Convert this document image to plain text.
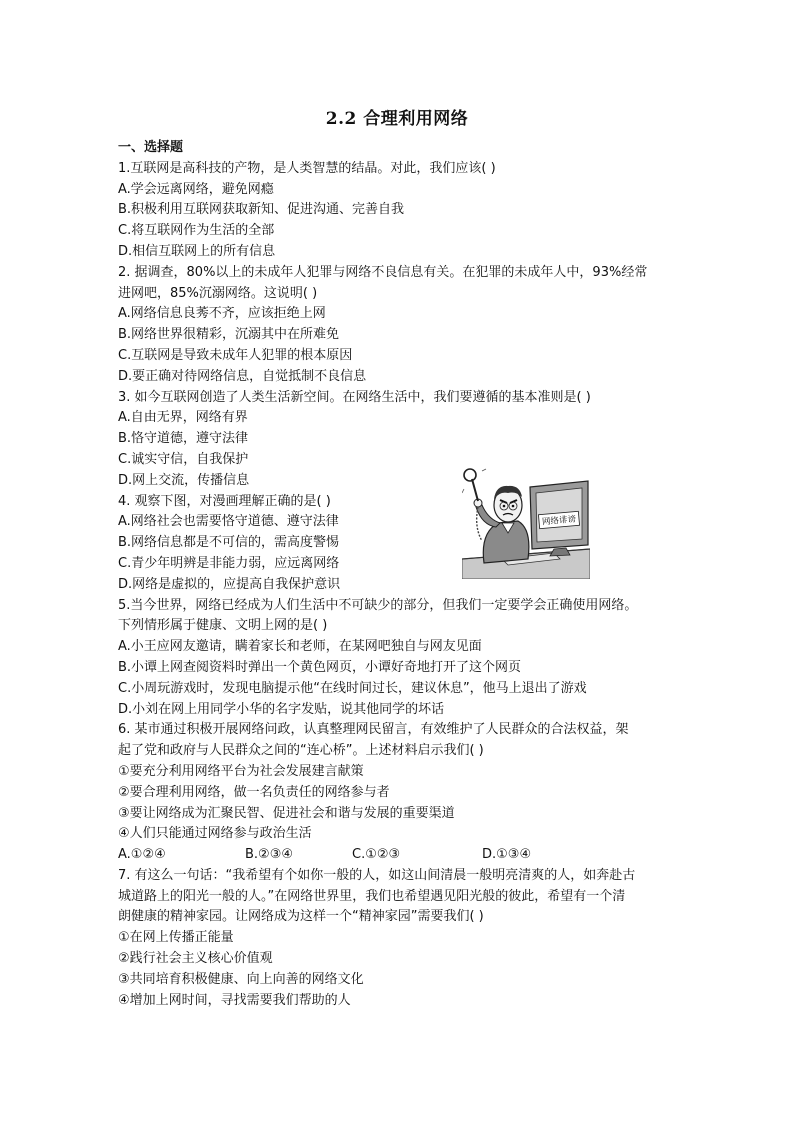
2.2 合理利用网络
一、选择题
1.互联网是高科技的产物，是人类智慧的结晶。对此，我们应该( )
A.学会远离网络，避免网瘾
B.积极利用互联网获取新知、促进沟通、完善自我
C.将互联网作为生活的全部
D.相信互联网上的所有信息
2. 据调查，80%以上的未成年人犯罪与网络不良信息有关。在犯罪的未成年人中，93%经常
进网吧，85%沉溺网络。这说明( )
A.网络信息良莠不齐，应该拒绝上网
B.网络世界很精彩，沉溺其中在所难免
C.互联网是导致未成年人犯罪的根本原因
D.要正确对待网络信息，自觉抵制不良信息
3. 如今互联网创造了人类生活新空间。在网络生活中，我们要遵循的基本准则是( )
A.自由无界，网络有界
B.恪守道德，遵守法律
C.诚实守信，自我保护
D.网上交流，传播信息
4. 观察下图，对漫画理解正确的是( )
A.网络社会也需要恪守道德、遵守法律
B.网络信息都是不可信的，需高度警惕
C.青少年明辨是非能力弱，应远离网络
D.网络是虚拟的，应提高自我保护意识
5.当今世界，网络已经成为人们生活中不可缺少的部分，但我们一定要学会正确使用网络。
下列情形属于健康、文明上网的是( )
A.小王应网友邀请，瞒着家长和老师，在某网吧独自与网友见面
B.小谭上网查阅资料时弹出一个黄色网页，小谭好奇地打开了这个网页
C.小周玩游戏时，发现电脑提示他“在线时间过长，建议休息”，他马上退出了游戏
D.小刘在网上用同学小华的名字发贴，说其他同学的坏话
6. 某市通过积极开展网络问政，认真整理网民留言，有效维护了人民群众的合法权益，架
起了党和政府与人民群众之间的“连心桥”。上述材料启示我们( )
①要充分利用网络平台为社会发展建言献策
②要合理利用网络，做一名负责任的网络参与者
③要让网络成为汇聚民智、促进社会和谐与发展的重要渠道
④人们只能通过网络参与政治生活
A.①②④	B.②③④	C.①②③	D.①③④
7. 有这么一句话：“我希望有个如你一般的人，如这山间清晨一般明亮清爽的人，如奔赴古
城道路上的阳光一般的人。”在网络世界里，我们也希望遇见阳光般的彼此，希望有一个清
朗健康的精神家园。让网络成为这样一个“精神家园”需要我们( )
①在网上传播正能量
②践行社会主义核心价值观
③共同培育积极健康、向上向善的网络文化
④增加上网时间，寻找需要我们帮助的人
网络诽谤
